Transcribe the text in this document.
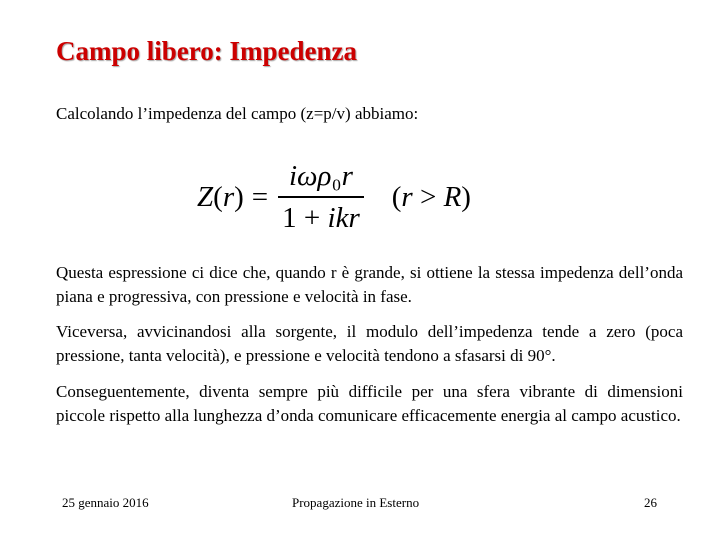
Campo libero: Impedenza
Calcolando l’impedenza del campo (z=p/v) abbiamo:
$Z(r) = \frac{\text{iωρ₀r}}{\text{1 + ikr}} (r > R)$
Questa espressione ci dice che, quando r è grande, si ottiene la stessa impedenza dell’onda piana e progressiva, con pressione e velocità in fase.
Viceversa, avvicinandosi alla sorgente, il modulo dell’impedenza tende a zero (poca pressione, tanta velocità), e pressione e velocità tendono a sfasarsi di 90°.
Conseguentemente, diventa sempre più difficile per una sfera vibrante di dimensioni piccole rispetto alla lunghezza d’onda comunicare efficacemente energia al campo acustico.
25 gennaio 2016	Propagazione in Esterno	26
